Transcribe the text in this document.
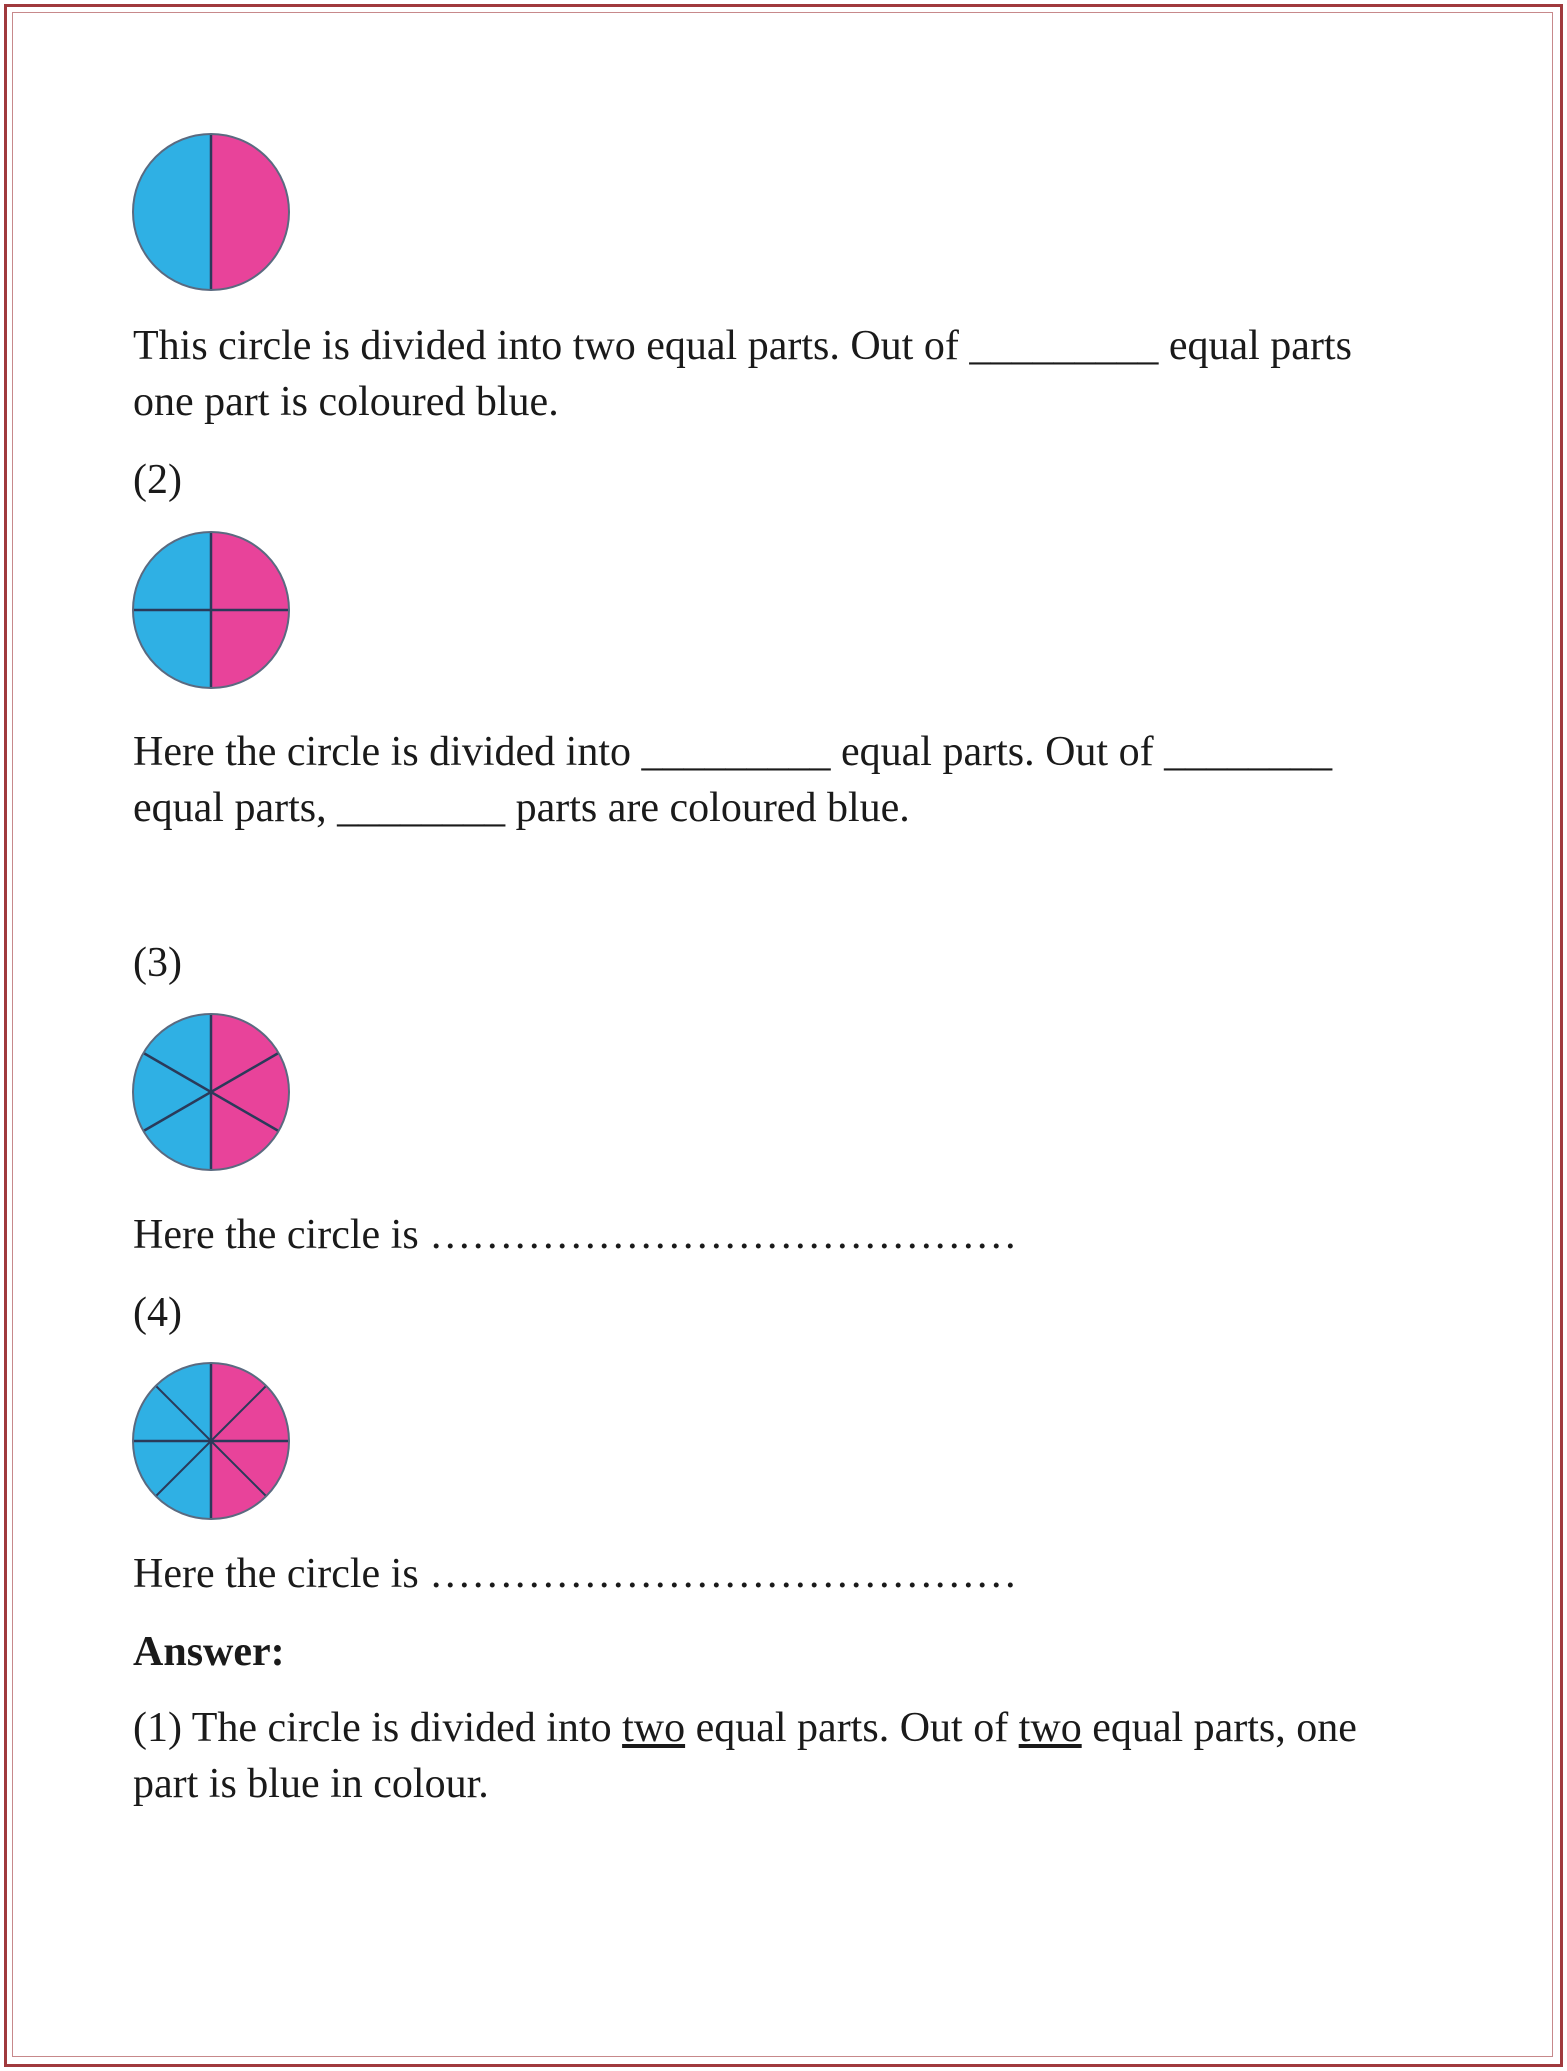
This circle is divided into two equal parts. Out of _________ equal parts
one part is coloured blue.

(2)

Here the circle is divided into _________ equal parts. Out of ________
equal parts, ________ parts are coloured blue.

(3)
Here the circle is ……………………………………
(4)
Here the circle is ……………………………………
Answer:

(1) The circle is divided into two equal parts. Out of two equal parts, one
part is blue in colour.
